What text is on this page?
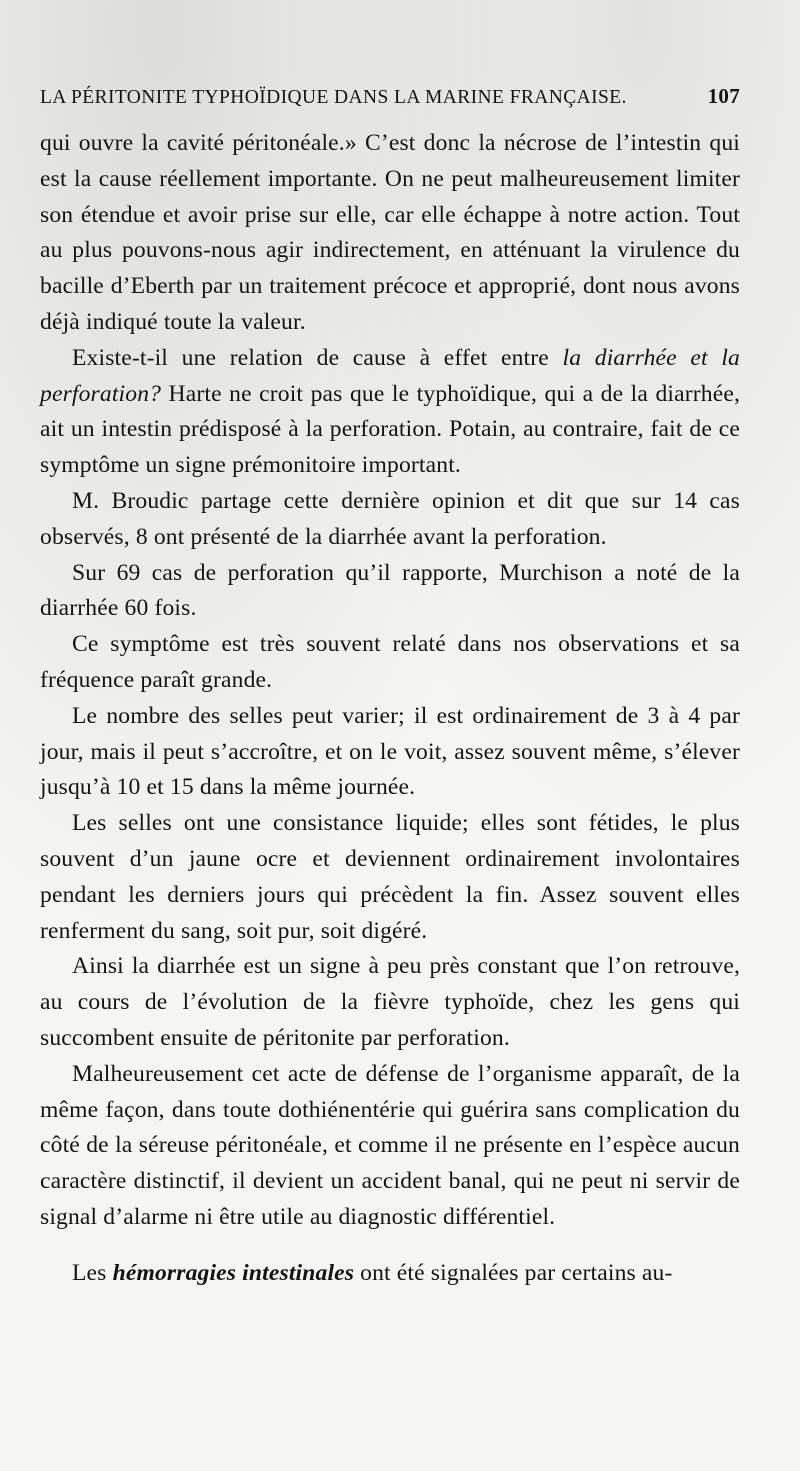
LA PÉRITONITE TYPHOÏDIQUE DANS LA MARINE FRANÇAISE.	107

qui ouvre la cavité péritonéale.» C’est donc la nécrose de l’intestin qui est la cause réellement importante. On ne peut malheureusement limiter son étendue et avoir prise sur elle, car elle échappe à notre action. Tout au plus pouvons-nous agir indirectement, en atténuant la virulence du bacille d’Eberth par un traitement précoce et approprié, dont nous avons déjà indiqué toute la valeur.

Existe-t-il une relation de cause à effet entre la diarrhée et la perforation? Harte ne croit pas que le typhoïdique, qui a de la diarrhée, ait un intestin prédisposé à la perforation. Potain, au contraire, fait de ce symptôme un signe prémonitoire important.

M. Broudic partage cette dernière opinion et dit que sur 14 cas observés, 8 ont présenté de la diarrhée avant la perforation.

Sur 69 cas de perforation qu’il rapporte, Murchison a noté de la diarrhée 60 fois.

Ce symptôme est très souvent relaté dans nos observations et sa fréquence paraît grande.

Le nombre des selles peut varier; il est ordinairement de 3 à 4 par jour, mais il peut s’accroître, et on le voit, assez souvent même, s’élever jusqu’à 10 et 15 dans la même journée.

Les selles ont une consistance liquide; elles sont fétides, le plus souvent d’un jaune ocre et deviennent ordinairement involontaires pendant les derniers jours qui précèdent la fin. Assez souvent elles renferment du sang, soit pur, soit digéré.

Ainsi la diarrhée est un signe à peu près constant que l’on retrouve, au cours de l’évolution de la fièvre typhoïde, chez les gens qui succombent ensuite de péritonite par perforation.

Malheureusement cet acte de défense de l’organisme apparaît, de la même façon, dans toute dothiénentérie qui guérira sans complication du côté de la séreuse péritonéale, et comme il ne présente en l’espèce aucun caractère distinctif, il devient un accident banal, qui ne peut ni servir de signal d’alarme ni être utile au diagnostic différentiel.

Les hémorragies intestinales ont été signalées par certains au-
